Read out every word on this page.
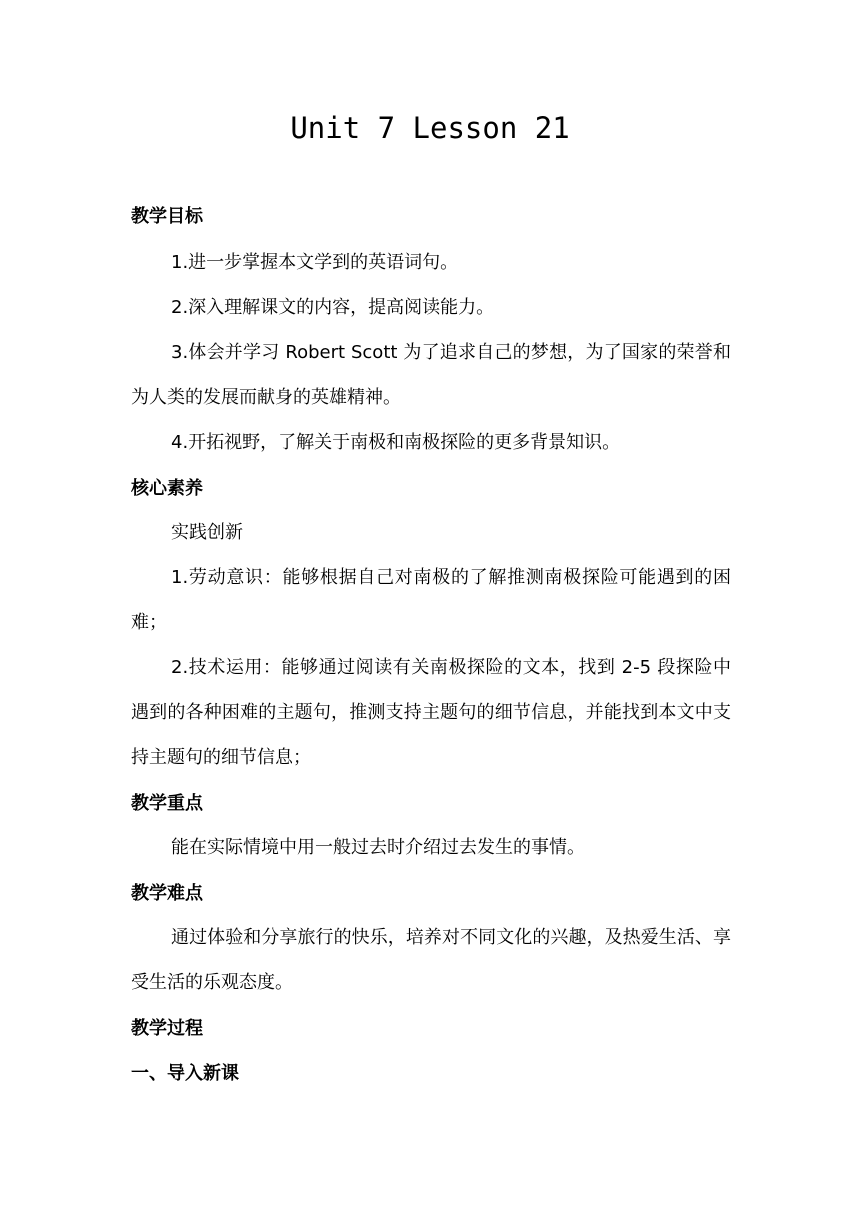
Unit 7 Lesson 21
教学目标
1.进一步掌握本文学到的英语词句。
2.深入理解课文的内容，提高阅读能力。
3.体会并学习 Robert Scott 为了追求自己的梦想，为了国家的荣誉和为人类的发展而献身的英雄精神。
4.开拓视野，了解关于南极和南极探险的更多背景知识。
核心素养
实践创新
1.劳动意识：能够根据自己对南极的了解推测南极探险可能遇到的困难；
2.技术运用：能够通过阅读有关南极探险的文本，找到 2-5 段探险中遇到的各种困难的主题句，推测支持主题句的细节信息，并能找到本文中支持主题句的细节信息；
教学重点
能在实际情境中用一般过去时介绍过去发生的事情。
教学难点
通过体验和分享旅行的快乐，培养对不同文化的兴趣，及热爱生活、享受生活的乐观态度。
教学过程
一、导入新课
